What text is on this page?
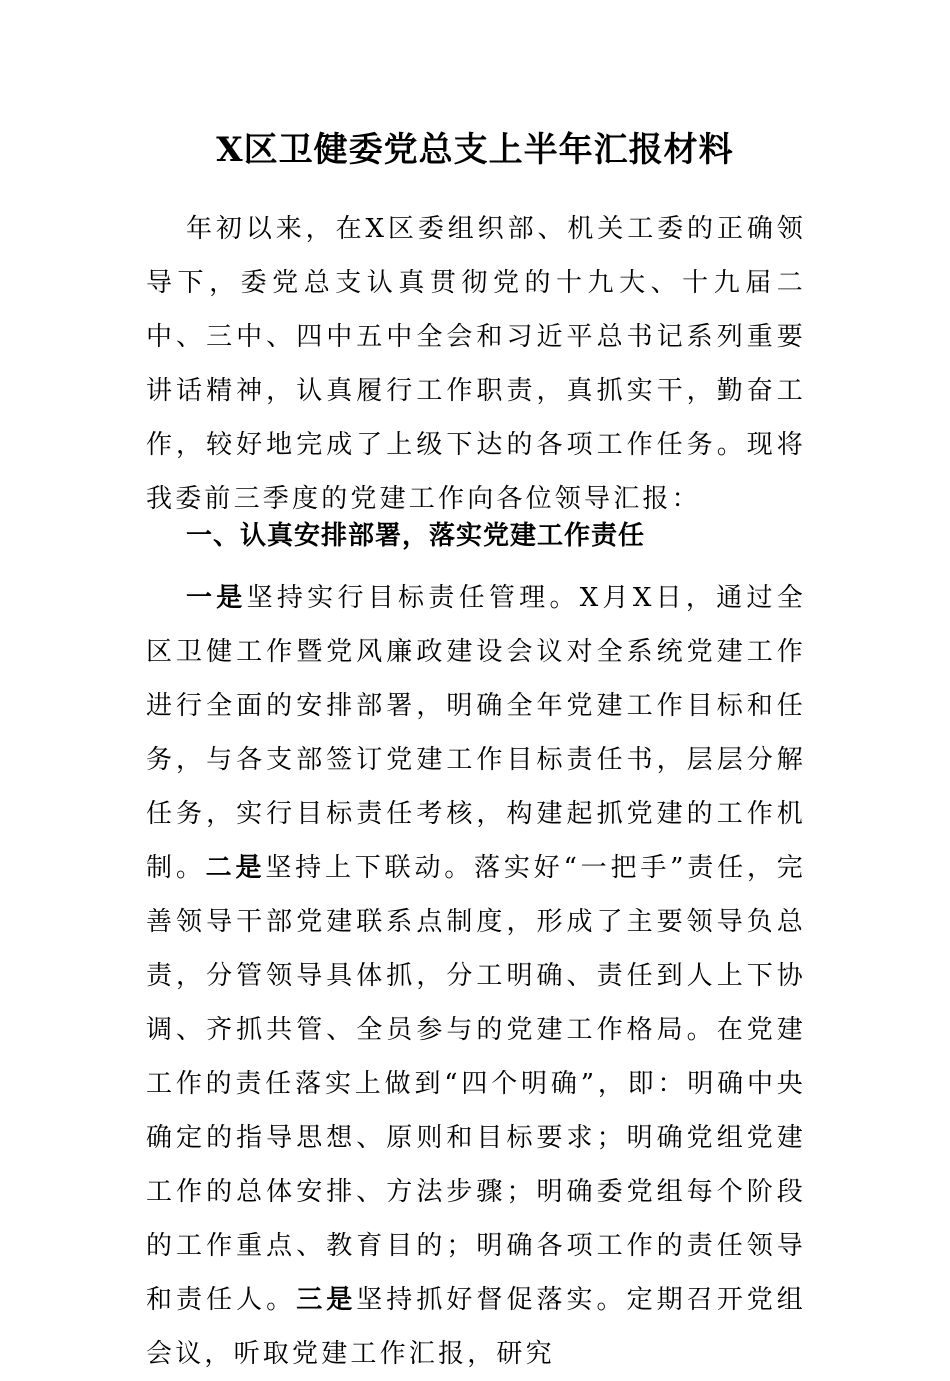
X区卫健委党总支上半年汇报材料

年初以来，在X区委组织部、机关工委的正确领导下，委党总支认真贯彻党的十九大、十九届二中、三中、四中五中全会和习近平总书记系列重要讲话精神，认真履行工作职责，真抓实干，勤奋工作，较好地完成了上级下达的各项工作任务。现将我委前三季度的党建工作向各位领导汇报：

一、认真安排部署，落实党建工作责任

一是坚持实行目标责任管理。X月X日，通过全区卫健工作暨党风廉政建设会议对全系统党建工作进行全面的安排部署，明确全年党建工作目标和任务，与各支部签订党建工作目标责任书，层层分解任务，实行目标责任考核，构建起抓党建的工作机制。二是坚持上下联动。落实好“一把手”责任，完善领导干部党建联系点制度，形成了主要领导负总责，分管领导具体抓，分工明确、责任到人上下协调、齐抓共管、全员参与的党建工作格局。在党建工作的责任落实上做到“四个明确”，即：明确中央确定的指导思想、原则和目标要求；明确党组党建工作的总体安排、方法步骤；明确委党组每个阶段的工作重点、教育目的；明确各项工作的责任领导和责任人。三是坚持抓好督促落实。定期召开党组会议，听取党建工作汇报，研究
